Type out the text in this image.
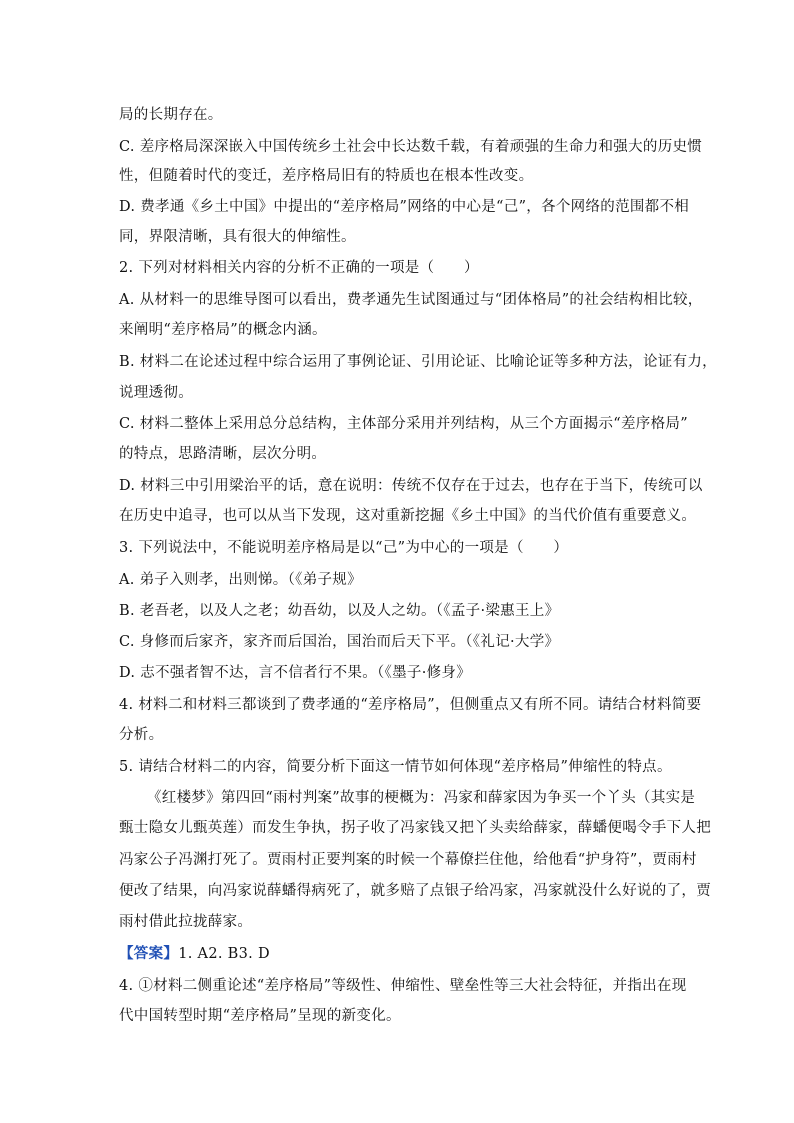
局的长期存在。
C. 差序格局深深嵌入中国传统乡土社会中长达数千载，有着顽强的生命力和强大的历史惯
性，但随着时代的变迁，差序格局旧有的特质也在根本性改变。
D. 费孝通《乡土中国》中提出的“差序格局”网络的中心是“己”，各个网络的范围都不相
同，界限清晰，具有很大的伸缩性。
2. 下列对材料相关内容的分析不正确的一项是（　　）
A. 从材料一的思维导图可以看出，费孝通先生试图通过与“团体格局”的社会结构相比较，
来阐明“差序格局”的概念内涵。
B. 材料二在论述过程中综合运用了事例论证、引用论证、比喻论证等多种方法，论证有力，
说理透彻。
C. 材料二整体上采用总分总结构，主体部分采用并列结构，从三个方面揭示“差序格局”
的特点，思路清晰，层次分明。
D. 材料三中引用梁治平的话，意在说明：传统不仅存在于过去，也存在于当下，传统可以
在历史中追寻，也可以从当下发现，这对重新挖掘《乡土中国》的当代价值有重要意义。
3. 下列说法中，不能说明差序格局是以“己”为中心的一项是（　　）
A. 弟子入则孝，出则悌。（《弟子规》
B. 老吾老，以及人之老；幼吾幼，以及人之幼。（《孟子·梁惠王上》
C. 身修而后家齐，家齐而后国治，国治而后天下平。（《礼记·大学》
D. 志不强者智不达，言不信者行不果。（《墨子·修身》
4. 材料二和材料三都谈到了费孝通的“差序格局”，但侧重点又有所不同。请结合材料简要
分析。
5. 请结合材料二的内容，简要分析下面这一情节如何体现“差序格局”伸缩性的特点。
《红楼梦》第四回“雨村判案”故事的梗概为：冯家和薛家因为争买一个丫头（其实是
甄士隐女儿甄英莲）而发生争执，拐子收了冯家钱又把丫头卖给薛家，薛蟠便喝令手下人把
冯家公子冯渊打死了。贾雨村正要判案的时候一个幕僚拦住他，给他看“护身符”，贾雨村
便改了结果，向冯家说薛蟠得病死了，就多赔了点银子给冯家，冯家就没什么好说的了，贾
雨村借此拉拢薛家。
【答案】1. A2. B3. D
4. ①材料二侧重论述“差序格局”等级性、伸缩性、壁垒性等三大社会特征，并指出在现
代中国转型时期“差序格局”呈现的新变化。
